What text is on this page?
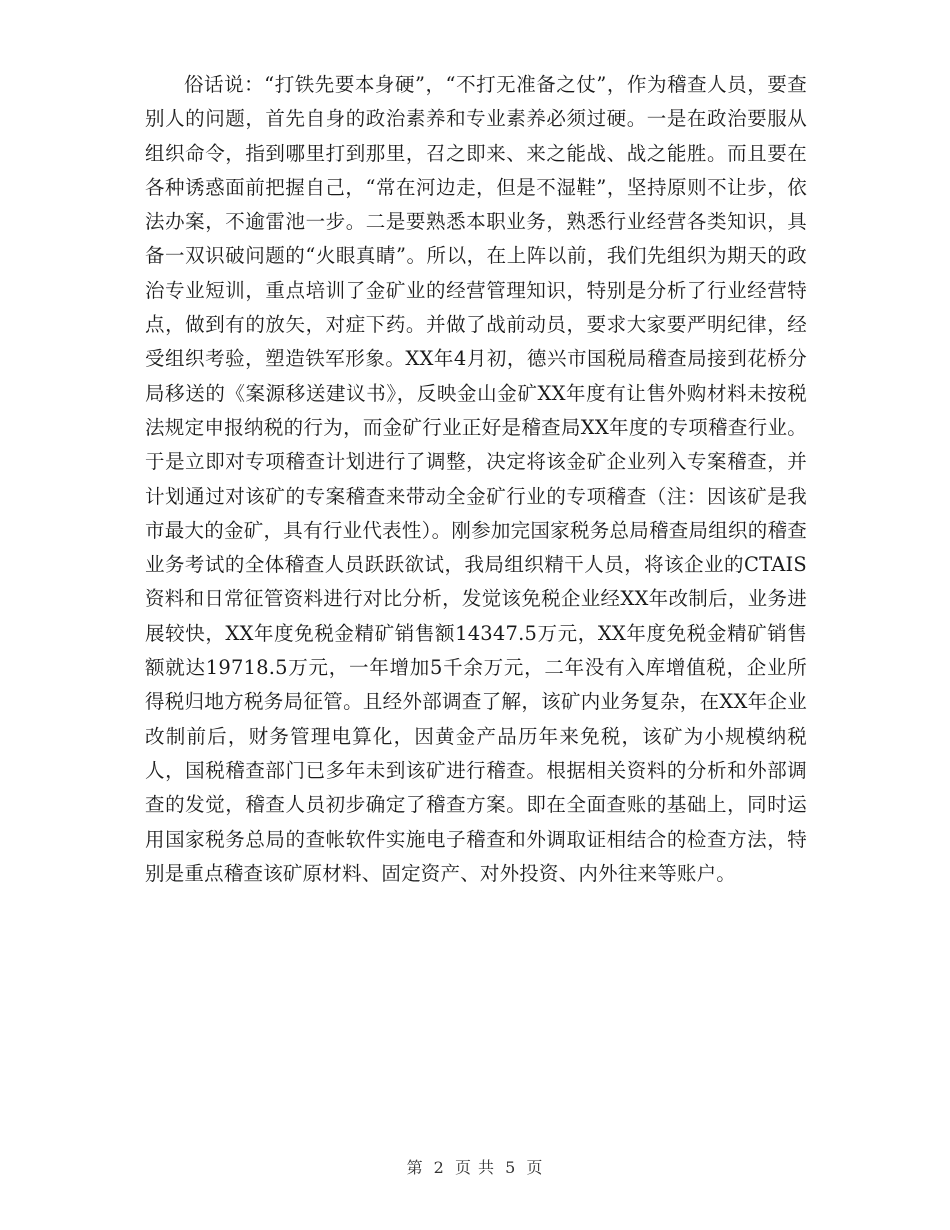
俗话说：“打铁先要本身硬”，“不打无准备之仗”，作为稽查人员，要查别人的问题，首先自身的政治素养和专业素养必须过硬。一是在政治要服从组织命令，指到哪里打到那里，召之即来、来之能战、战之能胜。而且要在各种诱惑面前把握自己，“常在河边走，但是不湿鞋”，坚持原则不让步，依法办案，不逾雷池一步。二是要熟悉本职业务，熟悉行业经营各类知识，具备一双识破问题的“火眼真睛”。所以，在上阵以前，我们先组织为期天的政治专业短训，重点培训了金矿业的经营管理知识，特别是分析了行业经营特点，做到有的放矢，对症下药。并做了战前动员，要求大家要严明纪律，经受组织考验，塑造铁军形象。XX年4月初，德兴市国税局稽查局接到花桥分局移送的《案源移送建议书》，反映金山金矿XX年度有让售外购材料未按税法规定申报纳税的行为，而金矿行业正好是稽查局XX年度的专项稽查行业。于是立即对专项稽查计划进行了调整，决定将该金矿企业列入专案稽查，并计划通过对该矿的专案稽查来带动全金矿行业的专项稽查（注：因该矿是我市最大的金矿，具有行业代表性）。刚参加完国家税务总局稽查局组织的稽查业务考试的全体稽查人员跃跃欲试，我局组织精干人员，将该企业的CTAIS资料和日常征管资料进行对比分析，发觉该免税企业经XX年改制后，业务进展较快，XX年度免税金精矿销售额14347.5万元，XX年度免税金精矿销售额就达19718.5万元，一年增加5千余万元，二年没有入库增值税，企业所得税归地方税务局征管。且经外部调查了解，该矿内业务复杂，在XX年企业改制前后，财务管理电算化，因黄金产品历年来免税，该矿为小规模纳税人，国税稽查部门已多年未到该矿进行稽查。根据相关资料的分析和外部调查的发觉，稽查人员初步确定了稽查方案。即在全面查账的基础上，同时运用国家税务总局的查帐软件实施电子稽查和外调取证相结合的检查方法，特别是重点稽查该矿原材料、固定资产、对外投资、内外往来等账户。

第 2 页 共 5 页
